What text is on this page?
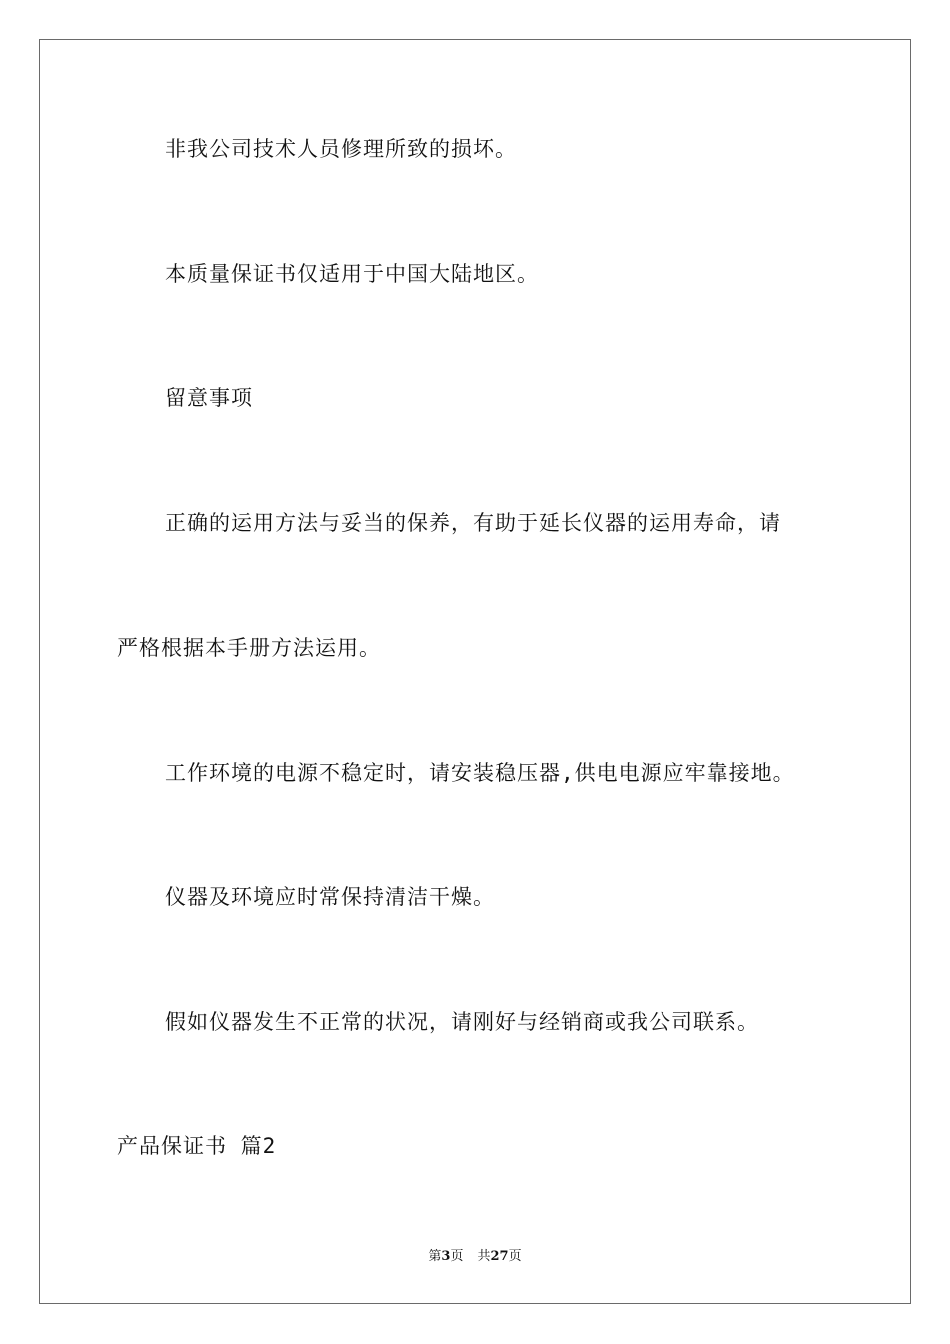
非我公司技术人员修理所致的损坏。
本质量保证书仅适用于中国大陆地区。
留意事项
正确的运用方法与妥当的保养，有助于延长仪器的运用寿命，请
严格根据本手册方法运用。
工作环境的电源不稳定时，请安装稳压器,供电电源应牢靠接地。
仪器及环境应时常保持清洁干燥。
假如仪器发生不正常的状况，请刚好与经销商或我公司联系。
产品保证书 篇2
第3页 共27页
